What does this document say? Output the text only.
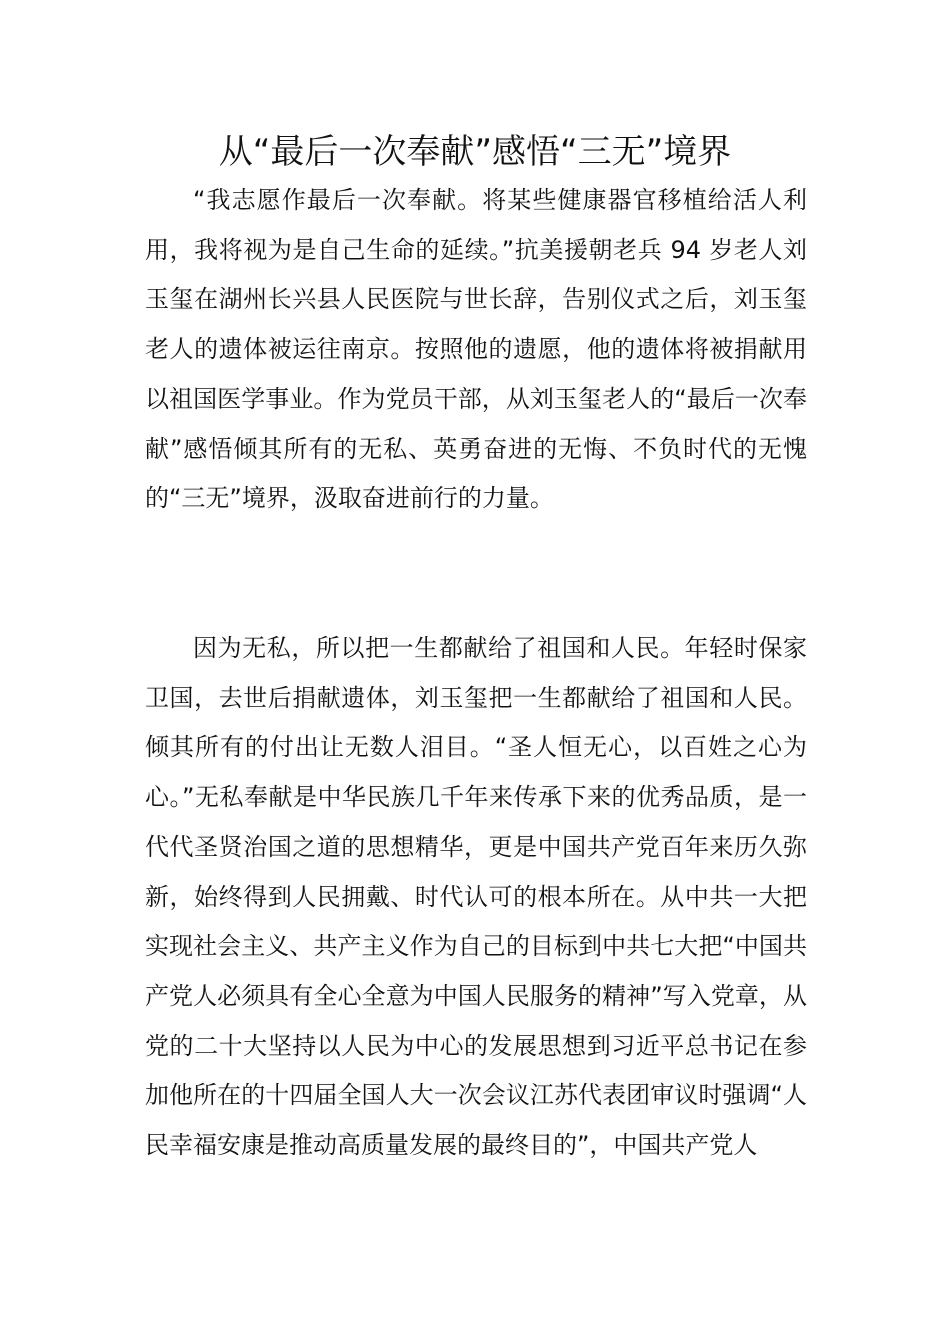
从“最后一次奉献”感悟“三无”境界

“我志愿作最后一次奉献。将某些健康器官移植给活人利用，我将视为是自己生命的延续。”抗美援朝老兵 94 岁老人刘玉玺在湖州长兴县人民医院与世长辞，告别仪式之后，刘玉玺老人的遗体被运往南京。按照他的遗愿，他的遗体将被捐献用以祖国医学事业。作为党员干部，从刘玉玺老人的“最后一次奉献”感悟倾其所有的无私、英勇奋进的无悔、不负时代的无愧的“三无”境界，汲取奋进前行的力量。

因为无私，所以把一生都献给了祖国和人民。年轻时保家卫国，去世后捐献遗体，刘玉玺把一生都献给了祖国和人民。倾其所有的付出让无数人泪目。“圣人恒无心，以百姓之心为心。”无私奉献是中华民族几千年来传承下来的优秀品质，是一代代圣贤治国之道的思想精华，更是中国共产党百年来历久弥新，始终得到人民拥戴、时代认可的根本所在。从中共一大把实现社会主义、共产主义作为自己的目标到中共七大把“中国共产党人必须具有全心全意为中国人民服务的精神”写入党章，从党的二十大坚持以人民为中心的发展思想到习近平总书记在参加他所在的十四届全国人大一次会议江苏代表团审议时强调“人民幸福安康是推动高质量发展的最终目的”，中国共产党人
